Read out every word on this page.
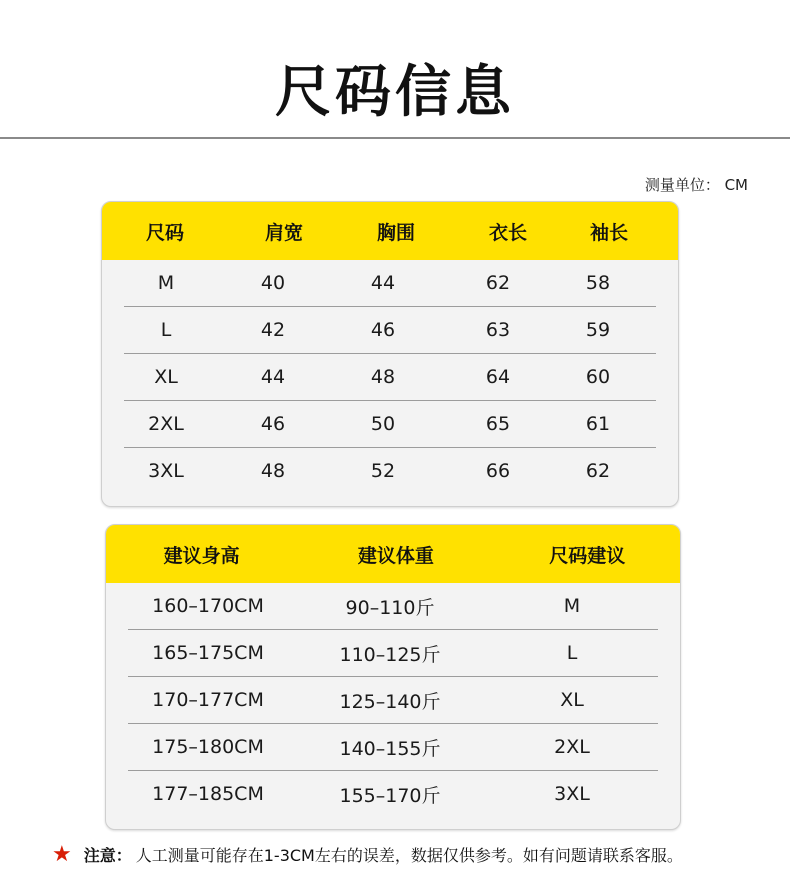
尺码信息
测量单位： CM
尺码	肩宽	胸围	衣长	袖长
M	40	44	62	58
L	42	46	63	59
XL	44	48	64	60
2XL	46	50	65	61
3XL	48	52	66	62
建议身高	建议体重	尺码建议
160–170CM	90–110斤	M
165–175CM	110–125斤	L
170–177CM	125–140斤	XL
175–180CM	140–155斤	2XL
177–185CM	155–170斤	3XL
★ 注意： 人工测量可能存在1-3CM左右的误差，数据仅供参考。如有问题请联系客服。
